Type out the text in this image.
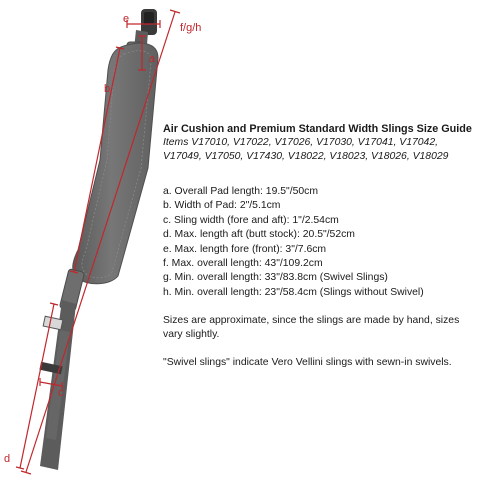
e
a
b
c
d
f/g/h

Air Cushion and Premium Standard Width Slings Size Guide

Items V17010, V17022, V17026, V17030, V17041, V17042, V17049, V17050, V17430, V18022, V18023, V18026, V18029

a. Overall Pad length: 19.5"/50cm
b. Width of Pad: 2"/5.1cm
c. Sling width (fore and aft): 1"/2.54cm
d. Max. length aft (butt stock): 20.5"/52cm
e. Max. length fore (front): 3"/7.6cm
f. Max. overall length: 43"/109.2cm
g. Min. overall length: 33"/83.8cm (Swivel Slings)
h. Min. overall length: 23"/58.4cm (Slings without Swivel)

Sizes are approximate, since the slings are made by hand, sizes vary slightly.

"Swivel slings" indicate Vero Vellini slings with sewn-in swivels.
